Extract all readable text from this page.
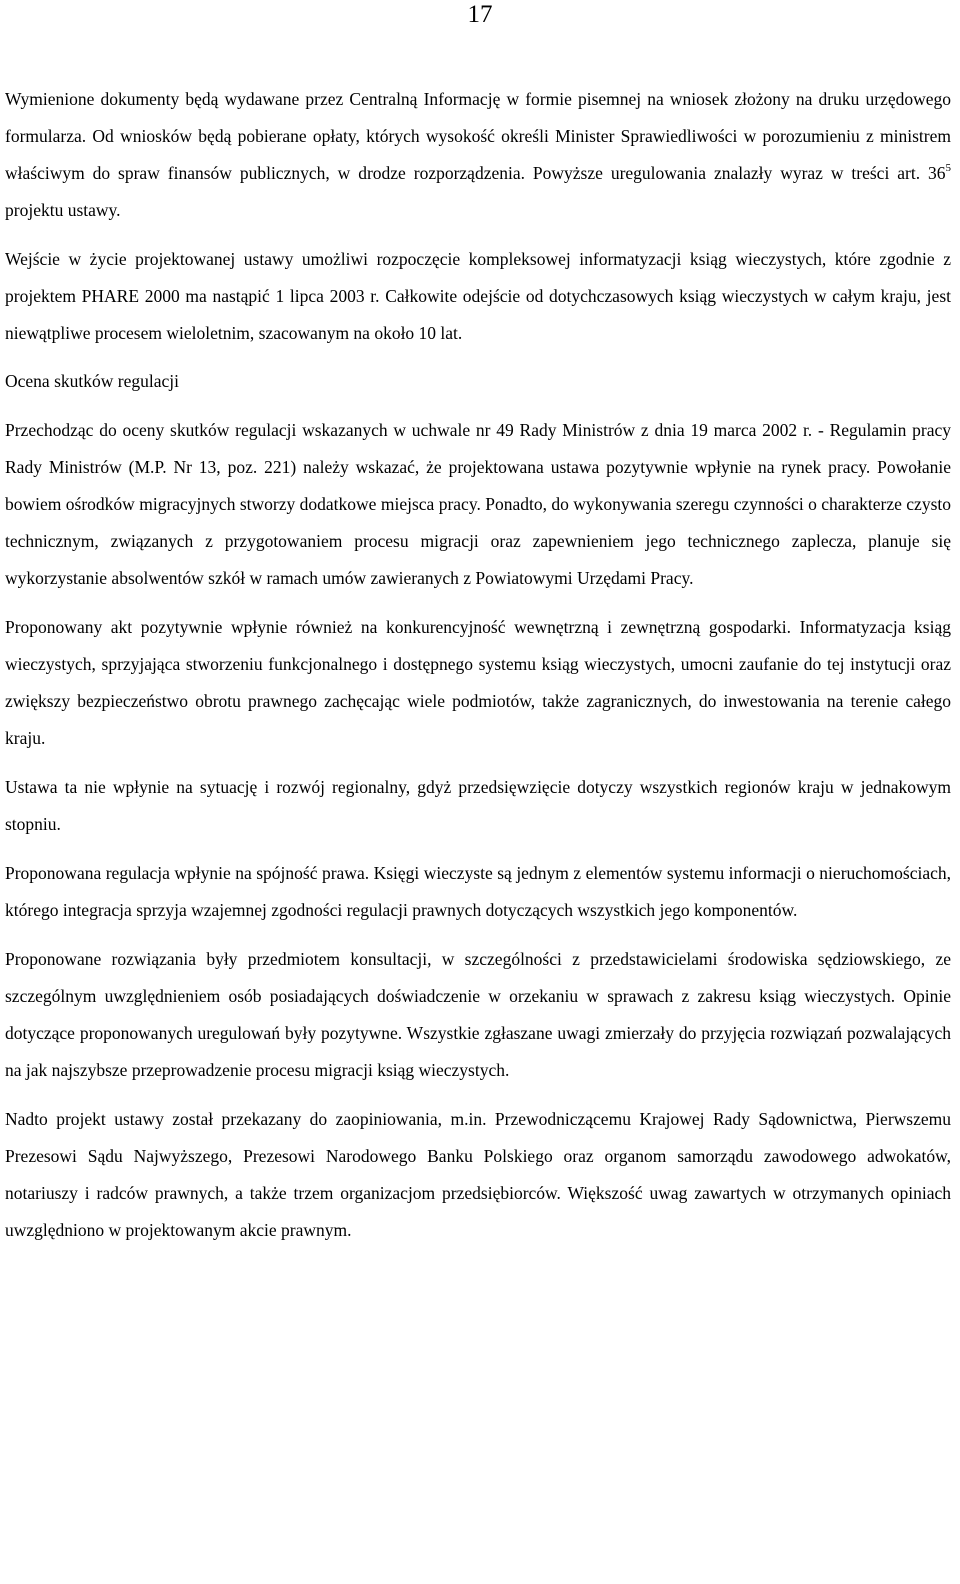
17

Wymienione dokumenty będą wydawane przez Centralną Informację w formie pisemnej na wniosek złożony na druku urzędowego formularza. Od wniosków będą pobierane opłaty, których wysokość określi Minister Sprawiedliwości w porozumieniu z ministrem właściwym do spraw finansów publicznych, w drodze rozporządzenia. Powyższe uregulowania znalazły wyraz w treści art. $36^5$ projektu ustawy.

Wejście w życie projektowanej ustawy umożliwi rozpoczęcie kompleksowej informatyzacji ksiąg wieczystych, które zgodnie z projektem PHARE 2000 ma nastąpić 1 lipca 2003 r. Całkowite odejście od dotychczasowych ksiąg wieczystych w całym kraju, jest niewątpliwe procesem wieloletnim, szacowanym na około 10 lat.

Ocena skutków regulacji

Przechodząc do oceny skutków regulacji wskazanych w uchwale nr 49 Rady Ministrów z dnia 19 marca 2002 r. - Regulamin pracy Rady Ministrów (M.P. Nr 13, poz. 221) należy wskazać, że projektowana ustawa pozytywnie wpłynie na rynek pracy. Powołanie bowiem ośrodków migracyjnych stworzy dodatkowe miejsca pracy. Ponadto, do wykonywania szeregu czynności o charakterze czysto technicznym, związanych z przygotowaniem procesu migracji oraz zapewnieniem jego technicznego zaplecza, planuje się wykorzystanie absolwentów szkół w ramach umów zawieranych z Powiatowymi Urzędami Pracy.

Proponowany akt pozytywnie wpłynie również na konkurencyjność wewnętrzną i zewnętrzną gospodarki. Informatyzacja ksiąg wieczystych, sprzyjająca stworzeniu funkcjonalnego i dostępnego systemu ksiąg wieczystych, umocni zaufanie do tej instytucji oraz zwiększy bezpieczeństwo obrotu prawnego zachęcając wiele podmiotów, także zagranicznych, do inwestowania na terenie całego kraju.

Ustawa ta nie wpłynie na sytuację i rozwój regionalny, gdyż przedsięwzięcie dotyczy wszystkich regionów kraju w jednakowym stopniu.

Proponowana regulacja wpłynie na spójność prawa. Księgi wieczyste są jednym z elementów systemu informacji o nieruchomościach, którego integracja sprzyja wzajemnej zgodności regulacji prawnych dotyczących wszystkich jego komponentów.

Proponowane rozwiązania były przedmiotem konsultacji, w szczególności z przedstawicielami środowiska sędziowskiego, ze szczególnym uwzględnieniem osób posiadających doświadczenie w orzekaniu w sprawach z zakresu ksiąg wieczystych. Opinie dotyczące proponowanych uregulowań były pozytywne. Wszystkie zgłaszane uwagi zmierzały do przyjęcia rozwiązań pozwalających na jak najszybsze przeprowadzenie procesu migracji ksiąg wieczystych.

Nadto projekt ustawy został przekazany do zaopiniowania, m.in. Przewodniczącemu Krajowej Rady Sądownictwa, Pierwszemu Prezesowi Sądu Najwyższego, Prezesowi Narodowego Banku Polskiego oraz organom samorządu zawodowego adwokatów, notariuszy i radców prawnych, a także trzem organizacjom przedsiębiorców. Większość uwag zawartych w otrzymanych opiniach uwzględniono w projektowanym akcie prawnym.
